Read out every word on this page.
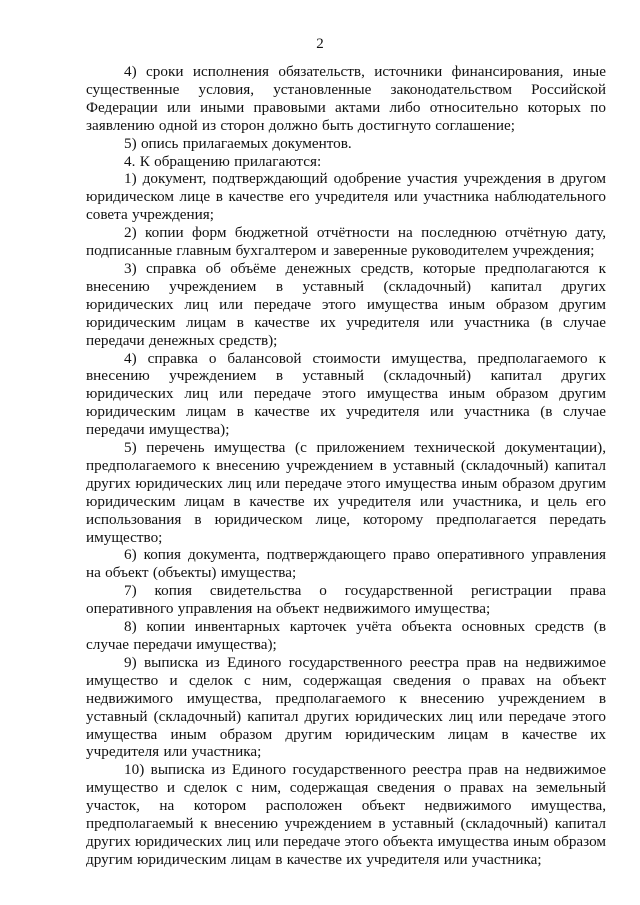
2

4) сроки исполнения обязательств, источники финансирования, иные существенные условия, установленные законодательством Российской Федерации или иными правовыми актами либо относительно которых по заявлению одной из сторон должно быть достигнуто соглашение;

5) опись прилагаемых документов.

4. К обращению прилагаются:

1) документ, подтверждающий одобрение участия учреждения в другом юридическом лице в качестве его учредителя или участника наблюдательного совета учреждения;

2) копии форм бюджетной отчётности на последнюю отчётную дату, подписанные главным бухгалтером и заверенные руководителем учреждения;

3) справка об объёме денежных средств, которые предполагаются к внесению учреждением в уставный (складочный) капитал других юридических лиц или передаче этого имущества иным образом другим юридическим лицам в качестве их учредителя или участника (в случае передачи денежных средств);

4) справка о балансовой стоимости имущества, предполагаемого к внесению учреждением в уставный (складочный) капитал других юридических лиц или передаче этого имущества иным образом другим юридическим лицам в качестве их учредителя или участника (в случае передачи имущества);

5) перечень имущества (с приложением технической документации), предполагаемого к внесению учреждением в уставный (складочный) капитал других юридических лиц или передаче этого имущества иным образом другим юридическим лицам в качестве их учредителя или участника, и цель его использования в юридическом лице, которому предполагается передать имущество;

6) копия документа, подтверждающего право оперативного управления на объект (объекты) имущества;

7) копия свидетельства о государственной регистрации права оперативного управления на объект недвижимого имущества;

8) копии инвентарных карточек учёта объекта основных средств (в случае передачи имущества);

9) выписка из Единого государственного реестра прав на недвижимое имущество и сделок с ним, содержащая сведения о правах на объект недвижимого имущества, предполагаемого к внесению учреждением в уставный (складочный) капитал других юридических лиц или передаче этого имущества иным образом другим юридическим лицам в качестве их учредителя или участника;

10) выписка из Единого государственного реестра прав на недвижимое имущество и сделок с ним, содержащая сведения о правах на земельный участок, на котором расположен объект недвижимого имущества, предполагаемый к внесению учреждением в уставный (складочный) капитал других юридических лиц или передаче этого объекта имущества иным образом другим юридическим лицам в качестве их учредителя или участника;
